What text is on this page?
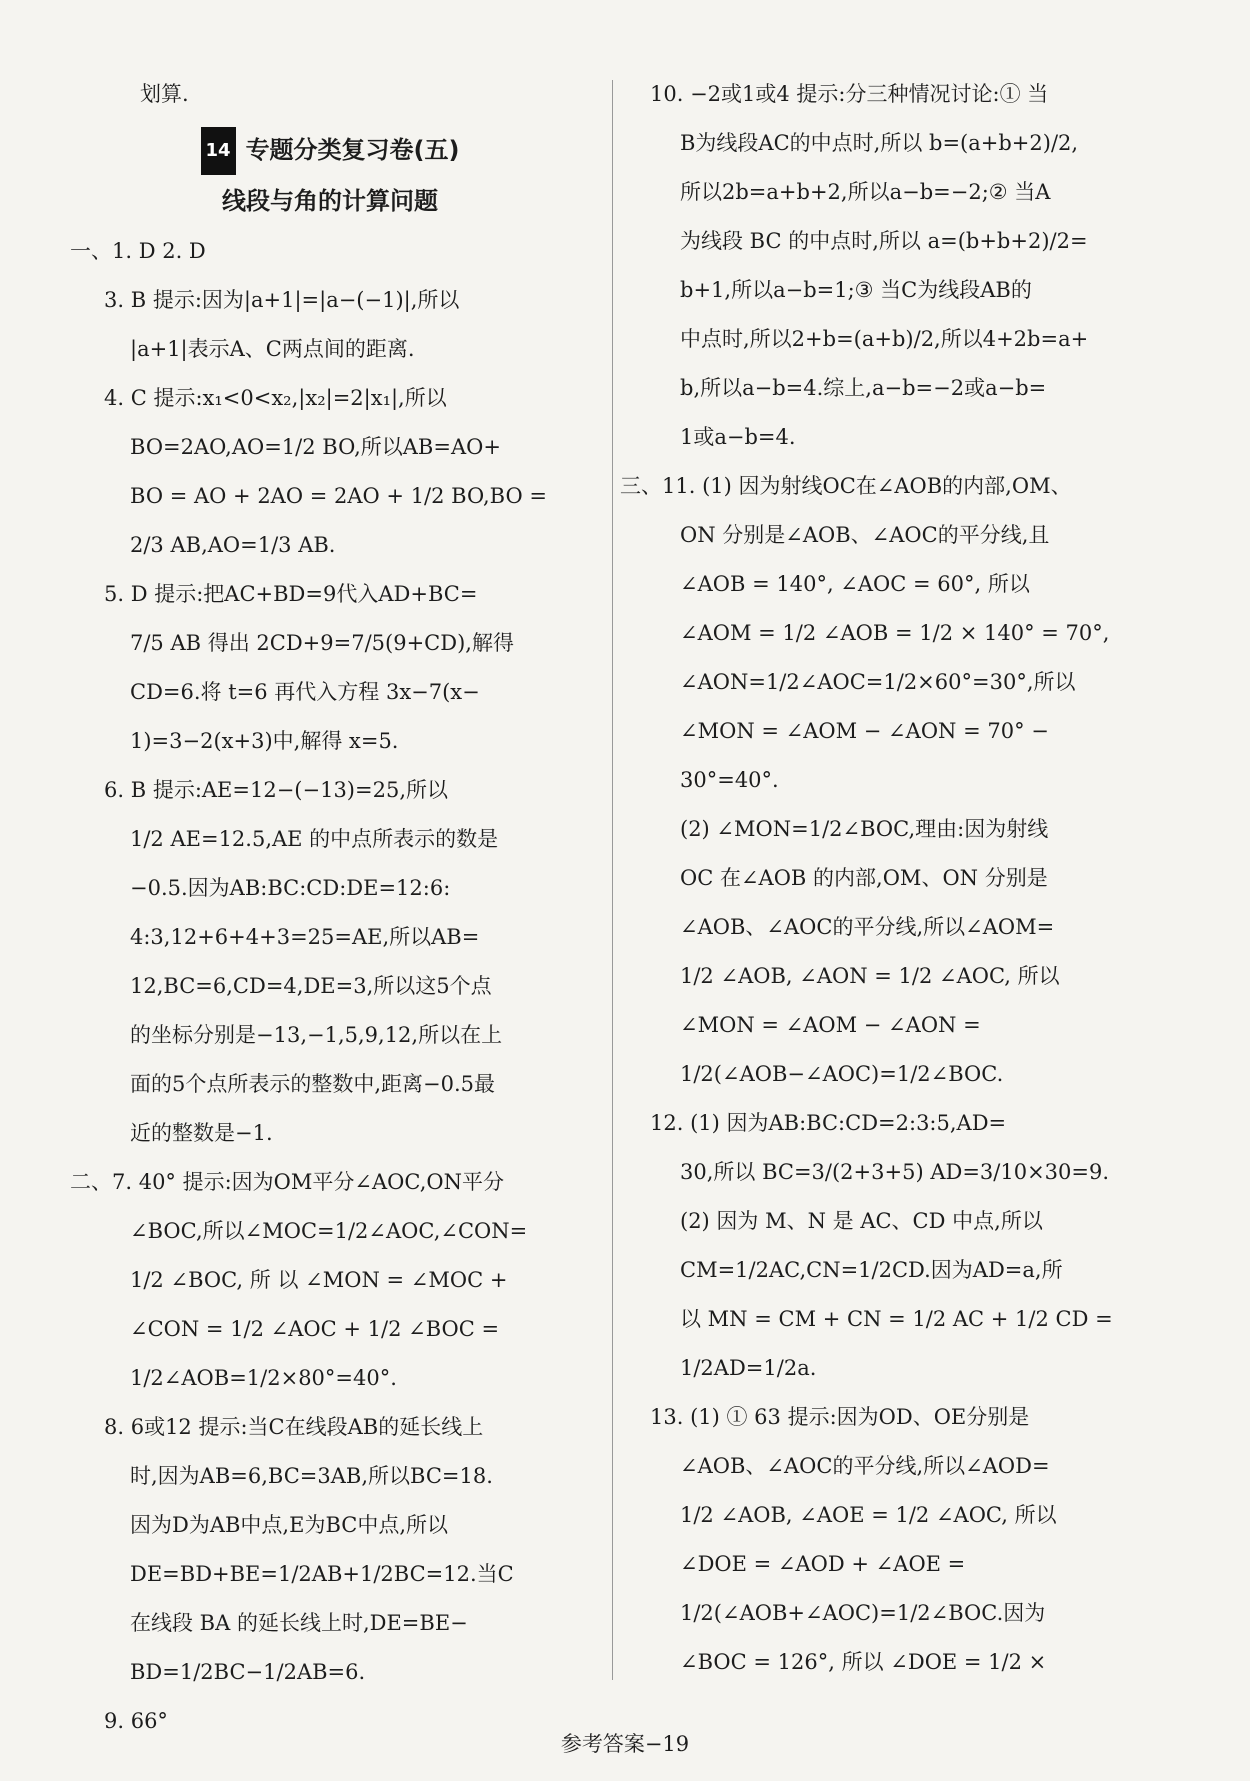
划算.
14 专题分类复习卷(五)
线段与角的计算问题
一、1. D 2. D
3. B 提示:因为|a+1|=|a−(−1)|,所以
|a+1|表示A、C两点间的距离.
4. C 提示:x₁<0<x₂,|x₂|=2|x₁|,所以
BO=2AO,AO=1/2 BO,所以AB=AO+
BO = AO + 2AO = 2AO + 1/2 BO,BO =
2/3 AB,AO=1/3 AB.
5. D 提示:把AC+BD=9代入AD+BC=
7/5 AB 得出 2CD+9=7/5(9+CD),解得
CD=6.将 t=6 再代入方程 3x−7(x−
1)=3−2(x+3)中,解得 x=5.
6. B 提示:AE=12−(−13)=25,所以
1/2 AE=12.5,AE 的中点所表示的数是
−0.5.因为AB:BC:CD:DE=12:6:
4:3,12+6+4+3=25=AE,所以AB=
12,BC=6,CD=4,DE=3,所以这5个点
的坐标分别是−13,−1,5,9,12,所以在上
面的5个点所表示的整数中,距离−0.5最
近的整数是−1.
二、7. 40° 提示:因为OM平分∠AOC,ON平分
∠BOC,所以∠MOC=1/2∠AOC,∠CON=
1/2 ∠BOC, 所 以 ∠MON = ∠MOC +
∠CON = 1/2 ∠AOC + 1/2 ∠BOC =
1/2∠AOB=1/2×80°=40°.
8. 6或12 提示:当C在线段AB的延长线上
时,因为AB=6,BC=3AB,所以BC=18.
因为D为AB中点,E为BC中点,所以
DE=BD+BE=1/2AB+1/2BC=12.当C
在线段 BA 的延长线上时,DE=BE−
BD=1/2BC−1/2AB=6.
9. 66°
10. −2或1或4 提示:分三种情况讨论:① 当
B为线段AC的中点时,所以 b=(a+b+2)/2,
所以2b=a+b+2,所以a−b=−2;② 当A
为线段 BC 的中点时,所以 a=(b+b+2)/2=
b+1,所以a−b=1;③ 当C为线段AB的
中点时,所以2+b=(a+b)/2,所以4+2b=a+
b,所以a−b=4.综上,a−b=−2或a−b=
1或a−b=4.
三、11. (1) 因为射线OC在∠AOB的内部,OM、
ON 分别是∠AOB、∠AOC的平分线,且
∠AOB = 140°, ∠AOC = 60°, 所以
∠AOM = 1/2 ∠AOB = 1/2 × 140° = 70°,
∠AON=1/2∠AOC=1/2×60°=30°,所以
∠MON = ∠AOM − ∠AON = 70° −
30°=40°.
(2) ∠MON=1/2∠BOC,理由:因为射线
OC 在∠AOB 的内部,OM、ON 分别是
∠AOB、∠AOC的平分线,所以∠AOM=
1/2 ∠AOB, ∠AON = 1/2 ∠AOC, 所以
∠MON = ∠AOM − ∠AON =
1/2(∠AOB−∠AOC)=1/2∠BOC.
12. (1) 因为AB:BC:CD=2:3:5,AD=
30,所以 BC=3/(2+3+5) AD=3/10×30=9.
(2) 因为 M、N 是 AC、CD 中点,所以
CM=1/2AC,CN=1/2CD.因为AD=a,所
以 MN = CM + CN = 1/2 AC + 1/2 CD =
1/2AD=1/2a.
13. (1) ① 63 提示:因为OD、OE分别是
∠AOB、∠AOC的平分线,所以∠AOD=
1/2 ∠AOB, ∠AOE = 1/2 ∠AOC, 所以
∠DOE = ∠AOD + ∠AOE =
1/2(∠AOB+∠AOC)=1/2∠BOC.因为
∠BOC = 126°, 所以 ∠DOE = 1/2 ×
参考答案−19
